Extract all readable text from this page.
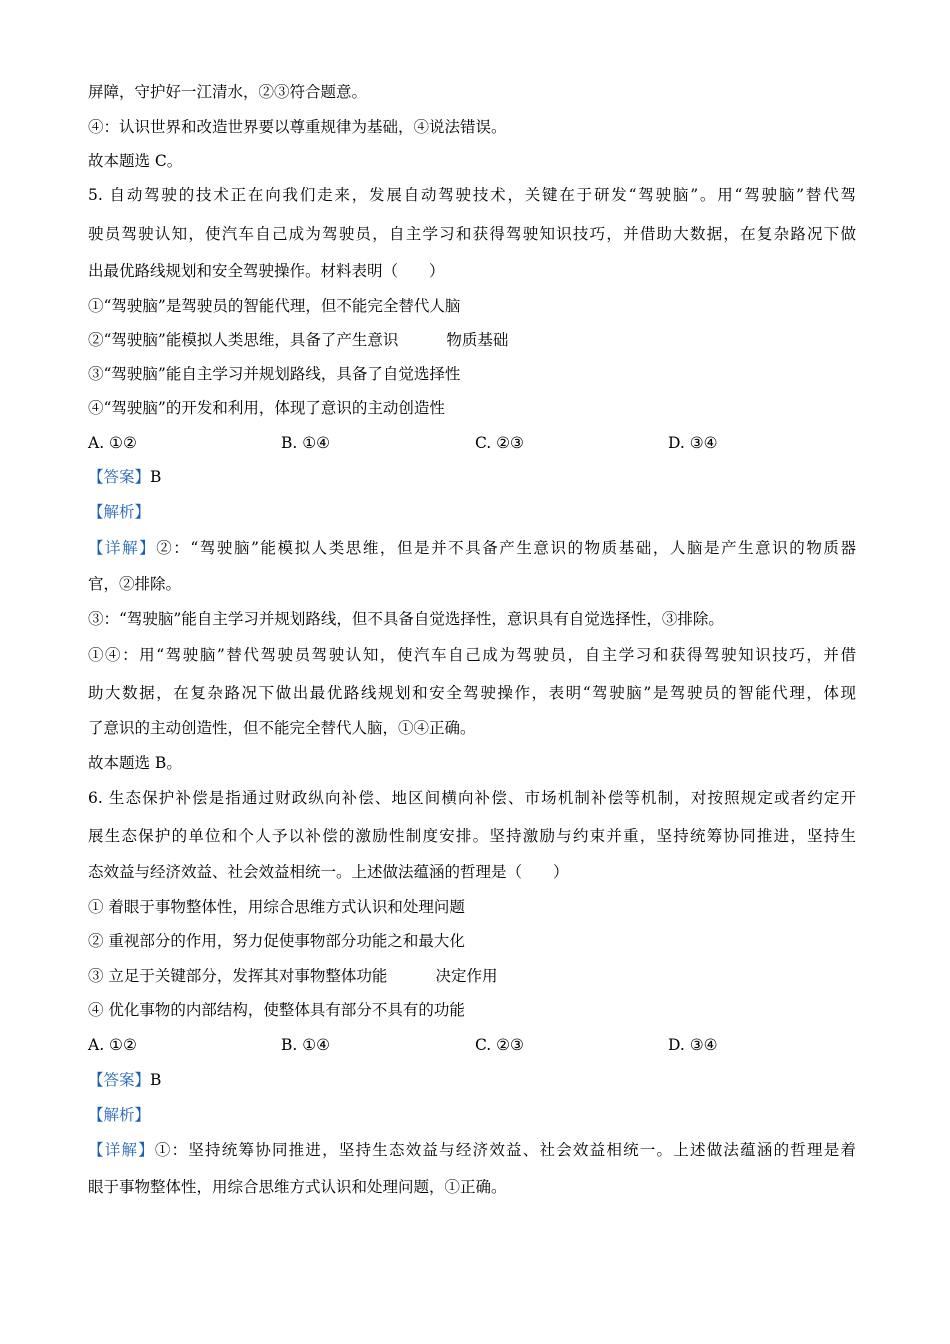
屏障，守护好一江清水，②③符合题意。
④：认识世界和改造世界要以尊重规律为基础，④说法错误。
故本题选 C。
5. 自动驾驶的技术正在向我们走来，发展自动驾驶技术，关键在于研发“驾驶脑”。用“驾驶脑”替代驾
驶员驾驶认知，使汽车自己成为驾驶员，自主学习和获得驾驶知识技巧，并借助大数据，在复杂路况下做
出最优路线规划和安全驾驶操作。材料表明（　　）
①“驾驶脑”是驾驶员的智能代理，但不能完全替代人脑
②“驾驶脑”能模拟人类思维，具备了产生意识	物质基础
③“驾驶脑”能自主学习并规划路线，具备了自觉选择性
④“驾驶脑”的开发和利用，体现了意识的主动创造性
A. ①②	B. ①④	C. ②③	D. ③④
【答案】B
【解析】
【详解】②：“驾驶脑”能模拟人类思维，但是并不具备产生意识的物质基础，人脑是产生意识的物质器
官，②排除。
③：“驾驶脑”能自主学习并规划路线，但不具备自觉选择性，意识具有自觉选择性，③排除。
①④：用“驾驶脑”替代驾驶员驾驶认知，使汽车自己成为驾驶员，自主学习和获得驾驶知识技巧，并借
助大数据，在复杂路况下做出最优路线规划和安全驾驶操作，表明“驾驶脑”是驾驶员的智能代理，体现
了意识的主动创造性，但不能完全替代人脑，①④正确。
故本题选 B。
6. 生态保护补偿是指通过财政纵向补偿、地区间横向补偿、市场机制补偿等机制，对按照规定或者约定开
展生态保护的单位和个人予以补偿的激励性制度安排。坚持激励与约束并重，坚持统筹协同推进，坚持生
态效益与经济效益、社会效益相统一。上述做法蕴涵的哲理是（　　）
① 着眼于事物整体性，用综合思维方式认识和处理问题
② 重视部分的作用，努力促使事物部分功能之和最大化
③ 立足于关键部分，发挥其对事物整体功能	决定作用
④ 优化事物的内部结构，使整体具有部分不具有的功能
A. ①②	B. ①④	C. ②③	D. ③④
【答案】B
【解析】
【详解】①：坚持统筹协同推进，坚持生态效益与经济效益、社会效益相统一。上述做法蕴涵的哲理是着
眼于事物整体性，用综合思维方式认识和处理问题，①正确。
